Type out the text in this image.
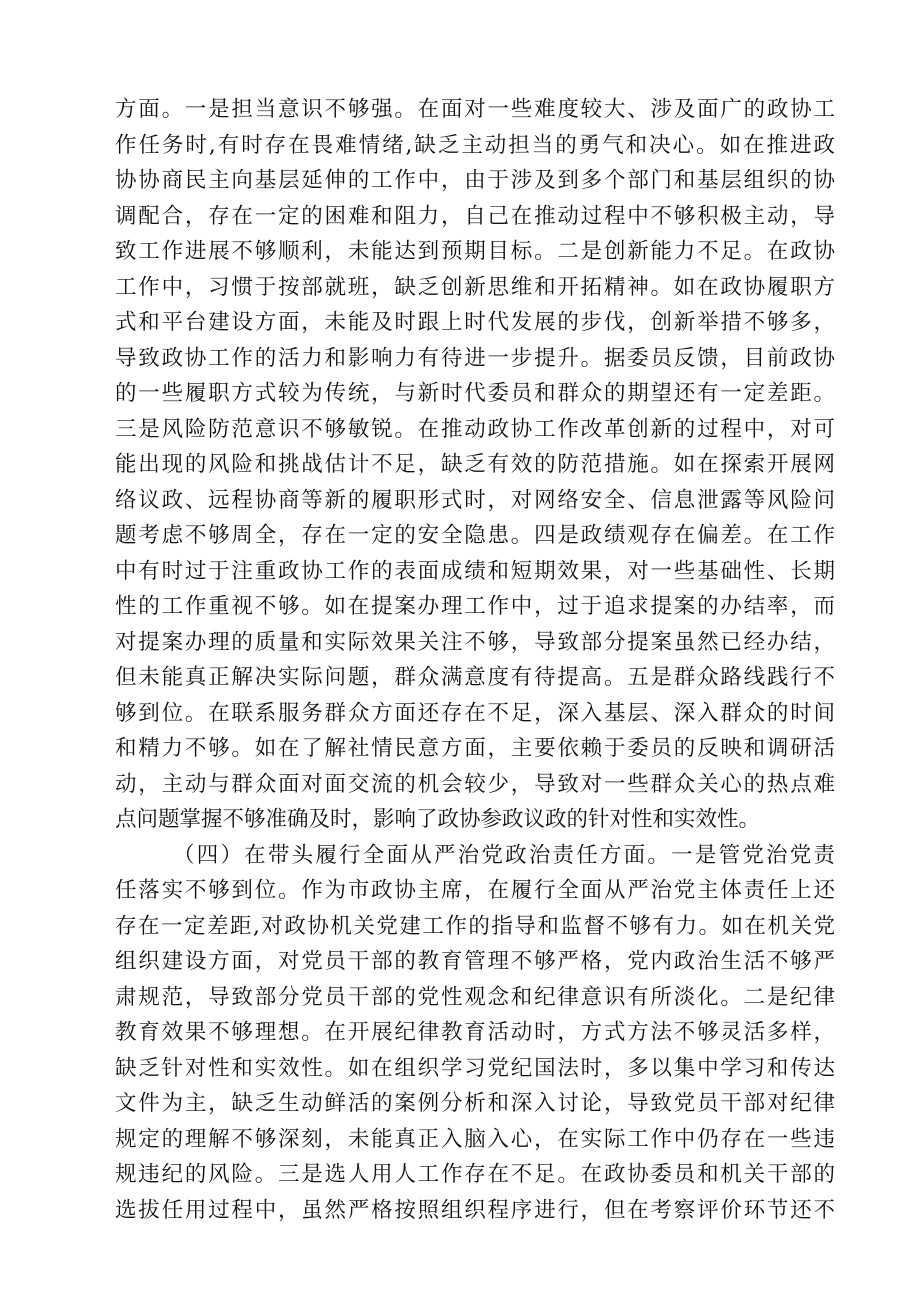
方面。一是担当意识不够强。在面对一些难度较大、涉及面广的政协工
作任务时,有时存在畏难情绪,缺乏主动担当的勇气和决心。如在推进政
协协商民主向基层延伸的工作中，由于涉及到多个部门和基层组织的协
调配合，存在一定的困难和阻力，自己在推动过程中不够积极主动，导
致工作进展不够顺利，未能达到预期目标。二是创新能力不足。在政协
工作中，习惯于按部就班，缺乏创新思维和开拓精神。如在政协履职方
式和平台建设方面，未能及时跟上时代发展的步伐，创新举措不够多，
导致政协工作的活力和影响力有待进一步提升。据委员反馈，目前政协
的一些履职方式较为传统，与新时代委员和群众的期望还有一定差距。
三是风险防范意识不够敏锐。在推动政协工作改革创新的过程中，对可
能出现的风险和挑战估计不足，缺乏有效的防范措施。如在探索开展网
络议政、远程协商等新的履职形式时，对网络安全、信息泄露等风险问
题考虑不够周全，存在一定的安全隐患。四是政绩观存在偏差。在工作
中有时过于注重政协工作的表面成绩和短期效果，对一些基础性、长期
性的工作重视不够。如在提案办理工作中，过于追求提案的办结率，而
对提案办理的质量和实际效果关注不够，导致部分提案虽然已经办结，
但未能真正解决实际问题，群众满意度有待提高。五是群众路线践行不
够到位。在联系服务群众方面还存在不足，深入基层、深入群众的时间
和精力不够。如在了解社情民意方面，主要依赖于委员的反映和调研活
动，主动与群众面对面交流的机会较少，导致对一些群众关心的热点难
点问题掌握不够准确及时，影响了政协参政议政的针对性和实效性。
（四）在带头履行全面从严治党政治责任方面。一是管党治党责
任落实不够到位。作为市政协主席，在履行全面从严治党主体责任上还
存在一定差距,对政协机关党建工作的指导和监督不够有力。如在机关党
组织建设方面，对党员干部的教育管理不够严格，党内政治生活不够严
肃规范，导致部分党员干部的党性观念和纪律意识有所淡化。二是纪律
教育效果不够理想。在开展纪律教育活动时，方式方法不够灵活多样，
缺乏针对性和实效性。如在组织学习党纪国法时，多以集中学习和传达
文件为主，缺乏生动鲜活的案例分析和深入讨论，导致党员干部对纪律
规定的理解不够深刻，未能真正入脑入心，在实际工作中仍存在一些违
规违纪的风险。三是选人用人工作存在不足。在政协委员和机关干部的
选拔任用过程中，虽然严格按照组织程序进行，但在考察评价环节还不
